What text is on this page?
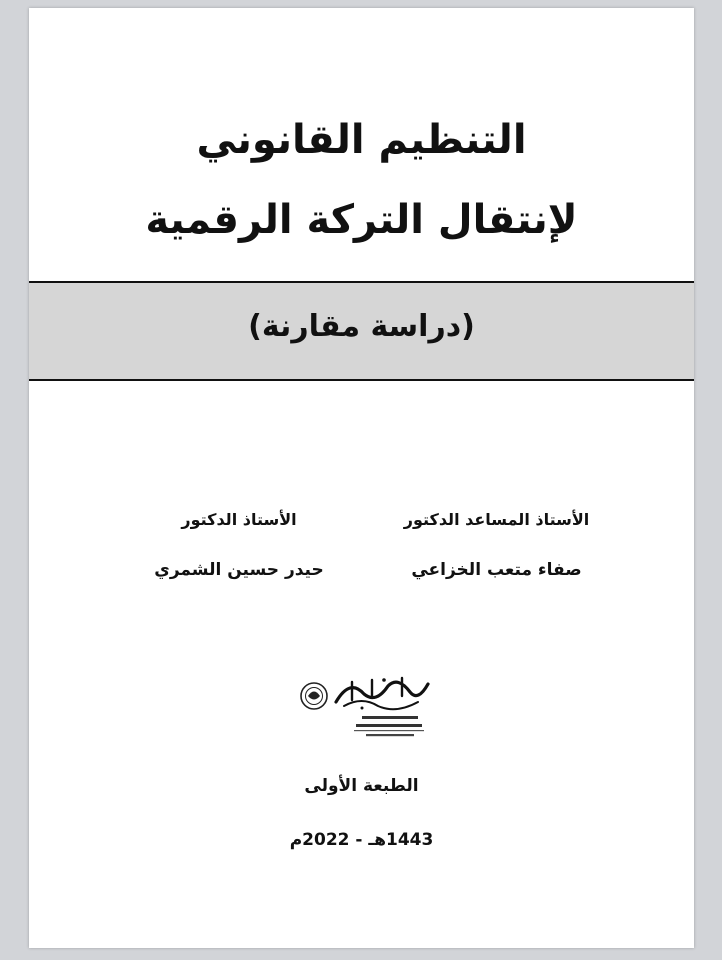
التنظيم القانوني
لإنتقال التركة الرقمية
(دراسة مقارنة)
الأستاذ المساعد الدكتور
صفاء متعب الخزاعي
الأستاذ الدكتور
حيدر حسين الشمري
الطبعة الأولى
1443هـ - 2022م
